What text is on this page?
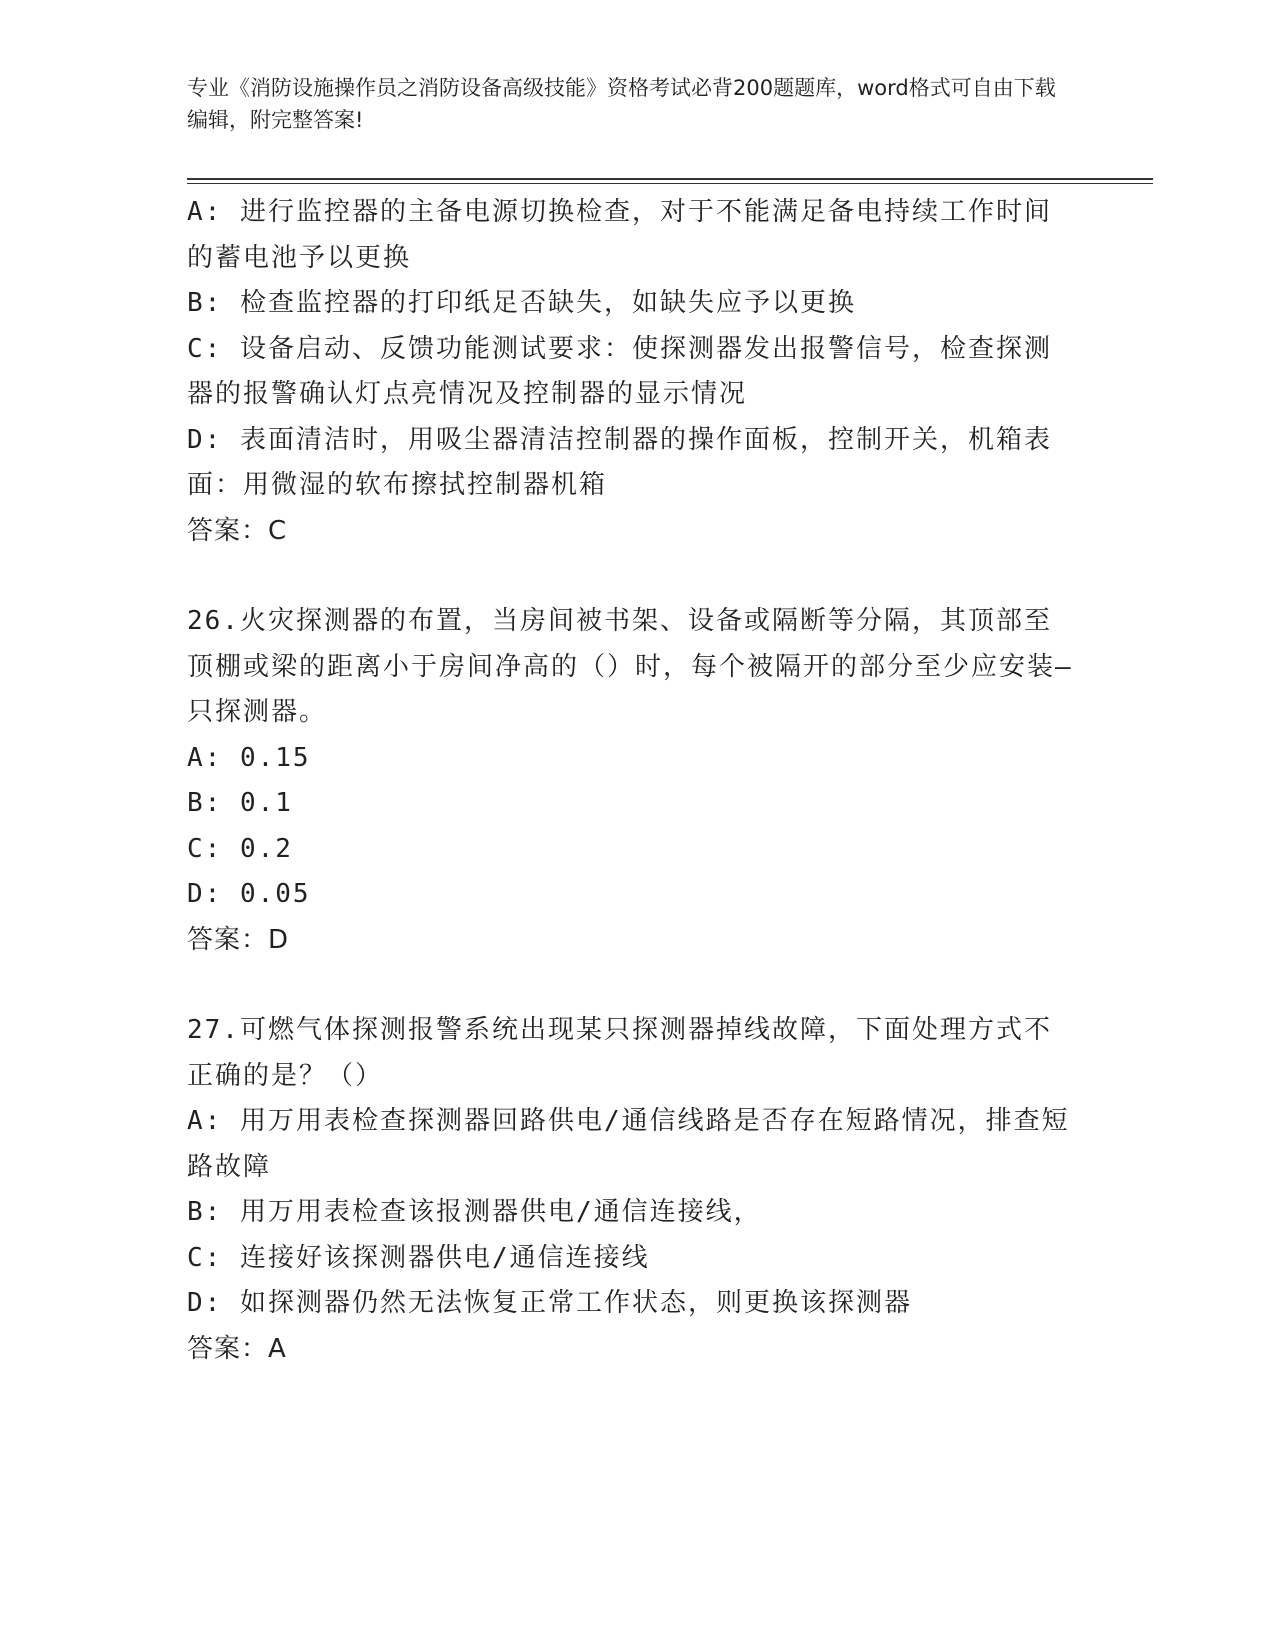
专业《消防设施操作员之消防设备高级技能》资格考试必背200题题库，word格式可自由下载编辑，附完整答案!
A: 进行监控器的主备电源切换检查，对于不能满足备电持续工作时间的蓄电池予以更换
B: 检查监控器的打印纸足否缺失，如缺失应予以更换
C: 设备启动、反馈功能测试要求：使探测器发出报警信号，检查探测器的报警确认灯点亮情况及控制器的显示情况
D: 表面清洁时，用吸尘器清洁控制器的操作面板，控制开关，机箱表面：用微湿的软布擦拭控制器机箱
答案：C
26.火灾探测器的布置，当房间被书架、设备或隔断等分隔，其顶部至顶棚或梁的距离小于房间净高的（）时，每个被隔开的部分至少应安装—只探测器。
A: 0.15
B: 0.1
C: 0.2
D: 0.05
答案：D
27.可燃气体探测报警系统出现某只探测器掉线故障，下面处理方式不正确的是？（）
A: 用万用表检查探测器回路供电/通信线路是否存在短路情况，排查短路故障
B: 用万用表检查该报测器供电/通信连接线，
C: 连接好该探测器供电/通信连接线
D: 如探测器仍然无法恢复正常工作状态，则更换该探测器
答案：A
